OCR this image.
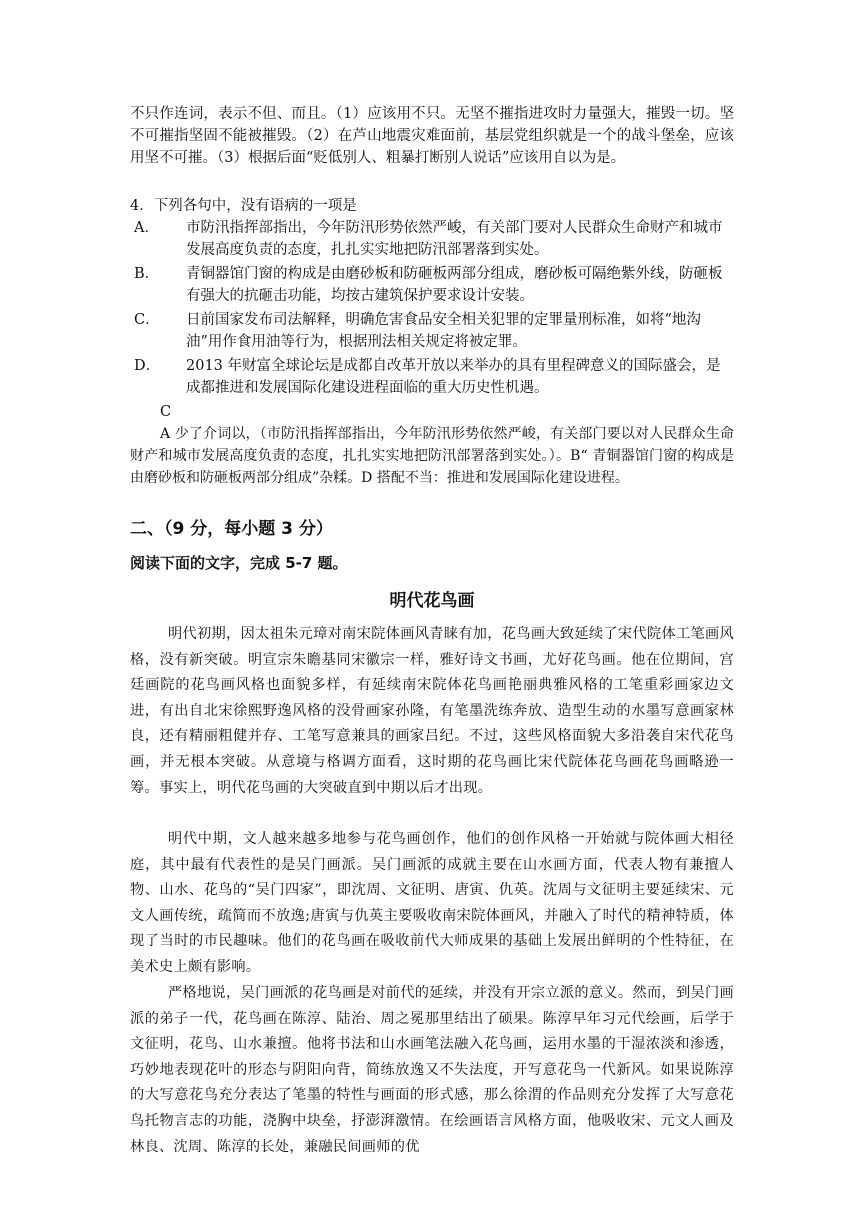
不只作连词，表示不但、而且。（1）应该用不只。无坚不摧指进攻时力量强大，摧毁一切。坚不可摧指坚固不能被摧毁。（2）在芦山地震灾难面前，基层党组织就是一个的战斗堡垒，应该用坚不可摧。（3）根据后面“贬低别人、粗暴打断别人说话”应该用自以为是。

4．下列各句中，没有语病的一项是
A． 市防汛指挥部指出，今年防汛形势依然严峻，有关部门要对人民群众生命财产和城市发展高度负责的态度，扎扎实实地把防汛部署落到实处。
B． 青铜器馆门窗的构成是由磨砂板和防砸板两部分组成，磨砂板可隔绝紫外线，防砸板有强大的抗砸击功能，均按古建筑保护要求设计安装。
C． 日前国家发布司法解释，明确危害食品安全相关犯罪的定罪量刑标准，如将“地沟油”用作食用油等行为，根据刑法相关规定将被定罪。
D． 2013 年财富全球论坛是成都自改革开放以来举办的具有里程碑意义的国际盛会，是成都推进和发展国际化建设进程面临的重大历史性机遇。
C
A 少了介词以，（市防汛指挥部指出，今年防汛形势依然严峻，有关部门要以对人民群众生命财产和城市发展高度负责的态度，扎扎实实地把防汛部署落到实处。）。B“ 青铜器馆门窗的构成是由磨砂板和防砸板两部分组成”杂糅。D 搭配不当：推进和发展国际化建设进程。
二、（9 分，每小题 3 分）
阅读下面的文字，完成 5-7 题。
明代花鸟画
明代初期，因太祖朱元璋对南宋院体画风青睐有加，花鸟画大致延续了宋代院体工笔画风格，没有新突破。明宣宗朱瞻基同宋徽宗一样，雅好诗文书画，尤好花鸟画。他在位期间，宫廷画院的花鸟画风格也面貌多样，有延续南宋院体花鸟画艳丽典雅风格的工笔重彩画家边文进，有出自北宋徐熙野逸风格的没骨画家孙隆，有笔墨洗练奔放、造型生动的水墨写意画家林良，还有精丽粗健并存、工笔写意兼具的画家吕纪。不过，这些风格面貌大多沿袭自宋代花鸟画，并无根本突破。从意境与格调方面看，这时期的花鸟画比宋代院体花鸟画花鸟画略逊一筹。事实上，明代花鸟画的大突破直到中期以后才出现。
明代中期，文人越来越多地参与花鸟画创作，他们的创作风格一开始就与院体画大相径庭，其中最有代表性的是吴门画派。吴门画派的成就主要在山水画方面，代表人物有兼擅人物、山水、花鸟的“吴门四家”，即沈周、文征明、唐寅、仇英。沈周与文征明主要延续宋、元文人画传统，疏简而不放逸;唐寅与仇英主要吸收南宋院体画风，并融入了时代的精神特质，体现了当时的市民趣味。他们的花鸟画在吸收前代大师成果的基础上发展出鲜明的个性特征，在美术史上颇有影响。
严格地说，吴门画派的花鸟画是对前代的延续，并没有开宗立派的意义。然而，到吴门画派的弟子一代，花鸟画在陈淳、陆治、周之冕那里结出了硕果。陈淳早年习元代绘画，后学于文征明，花鸟、山水兼擅。他将书法和山水画笔法融入花鸟画，运用水墨的干湿浓淡和渗透，巧妙地表现花叶的形态与阴阳向背，简练放逸又不失法度，开写意花鸟一代新风。如果说陈淳的大写意花鸟充分表达了笔墨的特性与画面的形式感，那么徐渭的作品则充分发挥了大写意花鸟托物言志的功能，浇胸中块垒，抒澎湃激情。在绘画语言风格方面，他吸收宋、元文人画及林良、沈周、陈淳的长处，兼融民间画师的优
